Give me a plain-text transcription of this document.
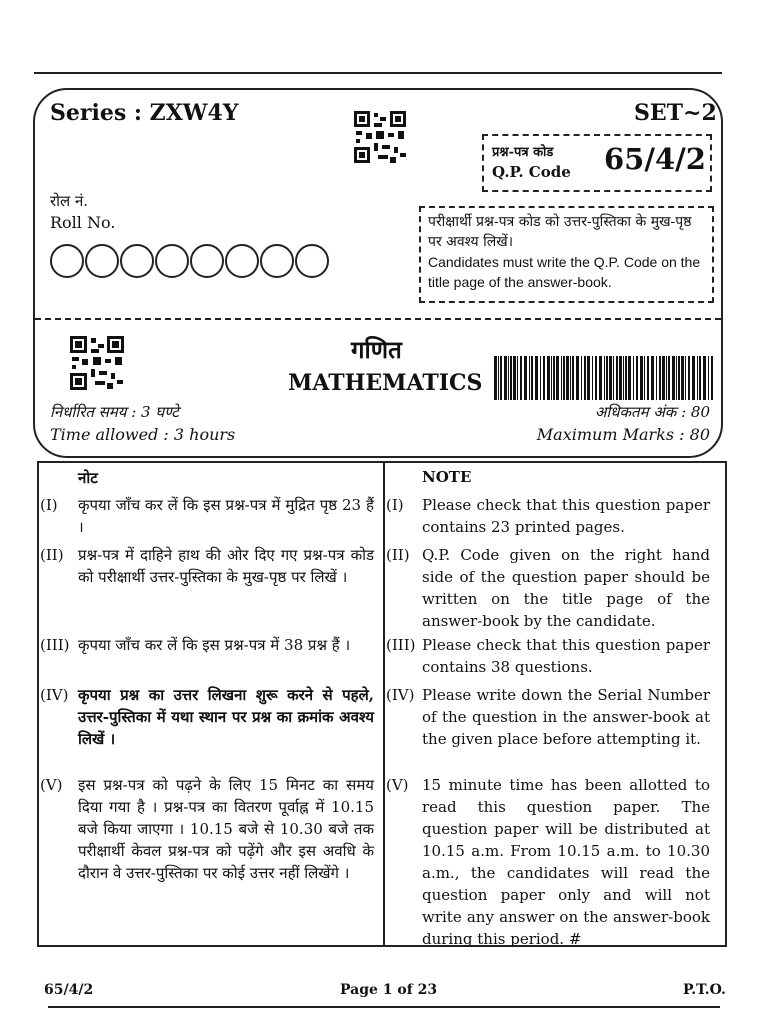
Series : ZXW4Y	SET~2
प्रश्न-पत्र कोड
Q.P. Code 65/4/2
रोल नं.
Roll No.	परीक्षार्थी प्रश्न-पत्र कोड को उत्तर-पुस्तिका के मुख-पृष्ठ पर अवश्य लिखें।
Candidates must write the Q.P. Code on the title page of the answer-book.
गणित
MATHEMATICS
निर्धारित समय : 3 घण्टे
Time allowed : 3 hours
अधिकतम अंक : 80
Maximum Marks : 80
नोट
(I) कृपया जाँच कर लें कि इस प्रश्न-पत्र में मुद्रित पृष्ठ 23 हैं ।
(II) प्रश्न-पत्र में दाहिने हाथ की ओर दिए गए प्रश्न-पत्र कोड को परीक्षार्थी उत्तर-पुस्तिका के मुख-पृष्ठ पर लिखें ।
(III) कृपया जाँच कर लें कि इस प्रश्न-पत्र में 38 प्रश्न हैं ।
(IV) कृपया प्रश्न का उत्तर लिखना शुरू करने से पहले, उत्तर-पुस्तिका में यथा स्थान पर प्रश्न का क्रमांक अवश्य लिखें ।
(V) इस प्रश्न-पत्र को पढ़ने के लिए 15 मिनट का समय दिया गया है । प्रश्न-पत्र का वितरण पूर्वाह्न में 10.15 बजे किया जाएगा । 10.15 बजे से 10.30 बजे तक परीक्षार्थी केवल प्रश्न-पत्र को पढ़ेंगे और इस अवधि के दौरान वे उत्तर-पुस्तिका पर कोई उत्तर नहीं लिखेंगे ।
NOTE
(I) Please check that this question paper contains 23 printed pages.
(II) Q.P. Code given on the right hand side of the question paper should be written on the title page of the answer-book by the candidate.
(III) Please check that this question paper contains 38 questions.
(IV) Please write down the Serial Number of the question in the answer-book at the given place before attempting it.
(V) 15 minute time has been allotted to read this question paper. The question paper will be distributed at 10.15 a.m. From 10.15 a.m. to 10.30 a.m., the candidates will read the question paper only and will not write any answer on the answer-book during this period. #
65/4/2	Page 1 of 23	P.T.O.
